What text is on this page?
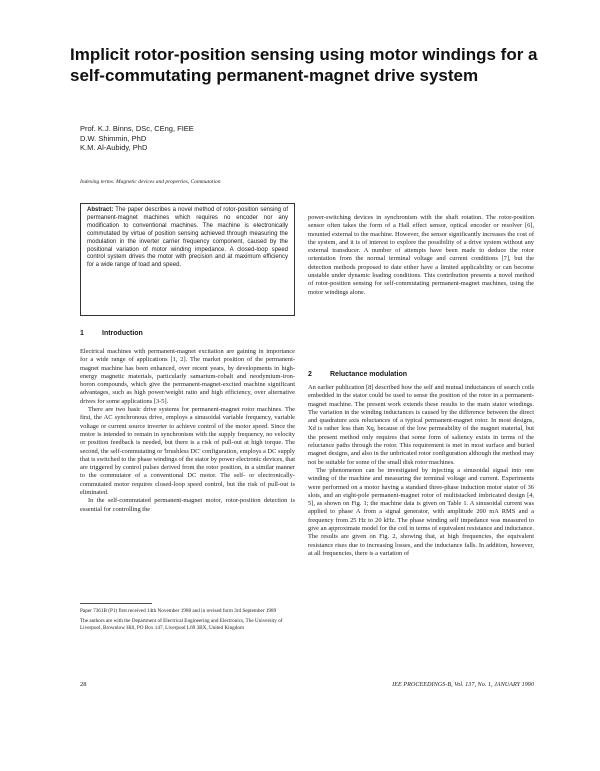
Implicit rotor-position sensing using motor windings for a self-commutating permanent-magnet drive system
Prof. K.J. Binns, DSc, CEng, FIEE
D.W. Shimmin, PhD
K.M. Al-Aubidy, PhD
Indexing terms: Magnetic devices and properties, Commutation
Abstract: The paper describes a novel method of rotor-position sensing of permanent-magnet machines which requires no encoder nor any modification to conventional machines. The machine is electronically commutated by virtue of position sensing achieved through measuring the modulation in the inverter carrier frequency component, caused by the positional variation of motor winding impedance. A closed-loop speed control system drives the motor with precision and at maximum efficiency for a wide range of load and speed.
1	Introduction

Electrical machines with permanent-magnet excitation are gaining in importance for a wide range of applications [1, 2]. The market position of the permanent-magnet machine has been enhanced, over recent years, by developments in high-energy magnetic materials, particularly samarium-cobalt and neodymium-iron-boron compounds, which give the permanent-magnet-excited machine significant advantages, such as high power/weight ratio and high efficiency, over alternative drives for some applications [3-5].

There are two basic drive systems for permanent-magnet rotor machines. The first, the AC synchronous drive, employs a sinusoidal variable frequency, variable voltage or current source inverter to achieve control of the motor speed. Since the motor is intended to remain in synchronism with the supply frequency, no velocity or position feedback is needed, but there is a risk of pull-out at high torque. The second, the self-commutating or 'brushless DC' configuration, employs a DC supply that is switched to the phase windings of the stator by power electronic devices, that are triggered by control pulses derived from the rotor position, in a similar manner to the commutator of a conventional DC motor. The self- or electronically-commutated motor requires closed-loop speed control, but the risk of pull-out is eliminated.

In the self-commutated permanent-magnet motor, rotor-position detection is essential for controlling the

Paper 7361B (P1) first received 14th November 1988 and in revised form 3rd September 1989
The authors are with the Department of Electrical Engineering and Electronics, The University of Liverpool, Brownlow Hill, PO Box 147, Liverpool L69 3BX, United Kingdom
28

power-switching devices in synchronism with the shaft rotation. The rotor-position sensor often takes the form of a Hall effect sensor, optical encoder or resolver [6], mounted external to the machine. However, the sensor significantly increases the cost of the system, and it is of interest to explore the possibility of a drive system without any external transducer. A number of attempts have been made to deduce the rotor orientation from the normal terminal voltage and current conditions [7], but the detection methods proposed to date either have a limited applicability or can become unstable under dynamic loading conditions. This contribution presents a novel method of rotor-position sensing for self-commutating permanent-magnet machines, using the motor windings alone.

2	Reluctance modulation

An earlier publication [8] described how the self and mutual inductances of search coils embedded in the stator could be used to sense the position of the rotor in a permanent-magnet machine. The present work extends these results to the main stator windings. The variation in the winding inductances is caused by the difference between the direct and quadrature axis reluctances of a typical permanent-magnet rotor. In most designs, Xd is rather less than Xq, because of the low permeability of the magnet material, but the present method only requires that some form of saliency exists in terms of the reluctance paths through the rotor. This requirement is met in most surface and buried magnet designs, and also in the unbricated rotor configuration although the method may not be suitable for some of the small disk rotor machines.

The phenomenon can be investigated by injecting a sinusoidal signal into one winding of the machine and measuring the terminal voltage and current. Experiments were performed on a motor having a standard three-phase induction motor stator of 36 slots, and an eight-pole permanent-magnet rotor of multistacked imbricated design [4, 5], as shown on Fig. 1; the machine data is given on Table 1. A sinusoidal current was applied to phase A from a signal generator, with amplitude 200 mA RMS and a frequency from 25 Hz to 20 kHz. The phase winding self impedance was measured to give an approximate model for the coil in terms of equivalent resistance and inductance. The results are given on Fig. 2, showing that, at high frequencies, the equivalent resistance rises due to increasing losses, and the inductance falls. In addition, however, at all frequencies, there is a variation of

IEE PROCEEDINGS-B, Vol. 137, No. 1, JANUARY 1990
